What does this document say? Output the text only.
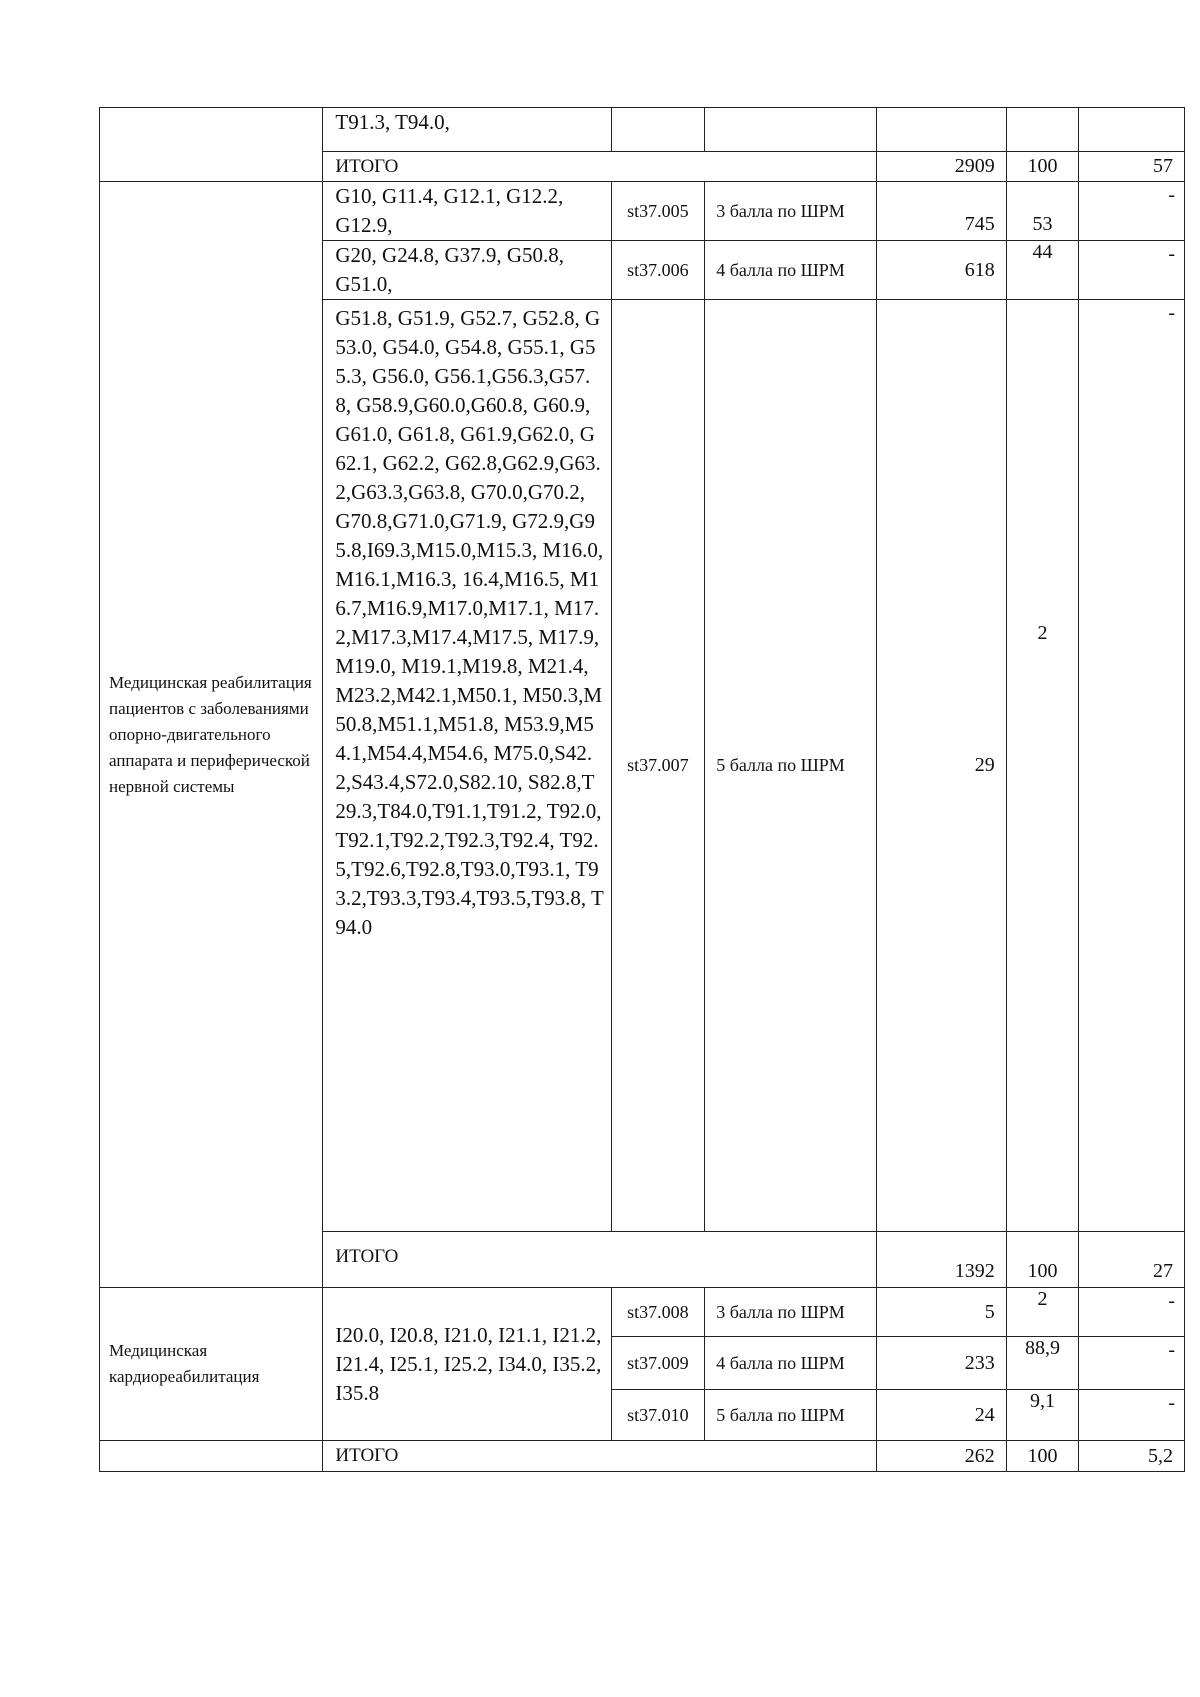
	T91.3, T94.0,					
	ИТОГО			2909	100	57
Медицинская реабилитация пациентов с заболеваниями опорно-двигательного аппарата и периферической нервной системы	G10, G11.4, G12.1, G12.2, G12.9,	st37.005	3 балла по ШРМ	745	53	-
	G20, G24.8, G37.9, G50.8, G51.0,	st37.006	4 балла по ШРМ	618	44	-
	G51.8, G51.9, G52.7, G52.8, G53.0, G54.0, G54.8, G55.1, G55.3, G56.0, G56.1,G56.3,G57.8, G58.9,G60.0,G60.8, G60.9,G61.0, G61.8, G61.9,G62.0, G62.1, G62.2, G62.8,G62.9,G63.2,G63.3,G63.8, G70.0,G70.2, G70.8,G71.0,G71.9, G72.9,G95.8,I69.3,M15.0,M15.3, M16.0,M16.1,M16.3, 16.4,M16.5, M16.7,M16.9,M17.0,M17.1, M17.2,M17.3,M17.4,M17.5, M17.9,M19.0, M19.1,M19.8, M21.4,M23.2,M42.1,M50.1, M50.3,M50.8,M51.1,M51.8, M53.9,M54.1,M54.4,M54.6, M75.0,S42.2,S43.4,S72.0,S82.10, S82.8,T29.3,T84.0,T91.1,T91.2, T92.0,T92.1,T92.2,T92.3,T92.4, T92.5,T92.6,T92.8,T93.0,T93.1, T93.2,T93.3,T93.4,T93.5,T93.8, T94.0	st37.007	5 балла по ШРМ	29	2	-
	ИТОГО			1392	100	27
Медицинская кардиореабилитация	I20.0, I20.8, I21.0, I21.1, I21.2, I21.4, I25.1, I25.2, I34.0, I35.2, I35.8	st37.008	3 балла по ШРМ	5	2	-
		st37.009	4 балла по ШРМ	233	88,9	-
		st37.010	5 балла по ШРМ	24	9,1	-
	ИТОГО			262	100	5,2
